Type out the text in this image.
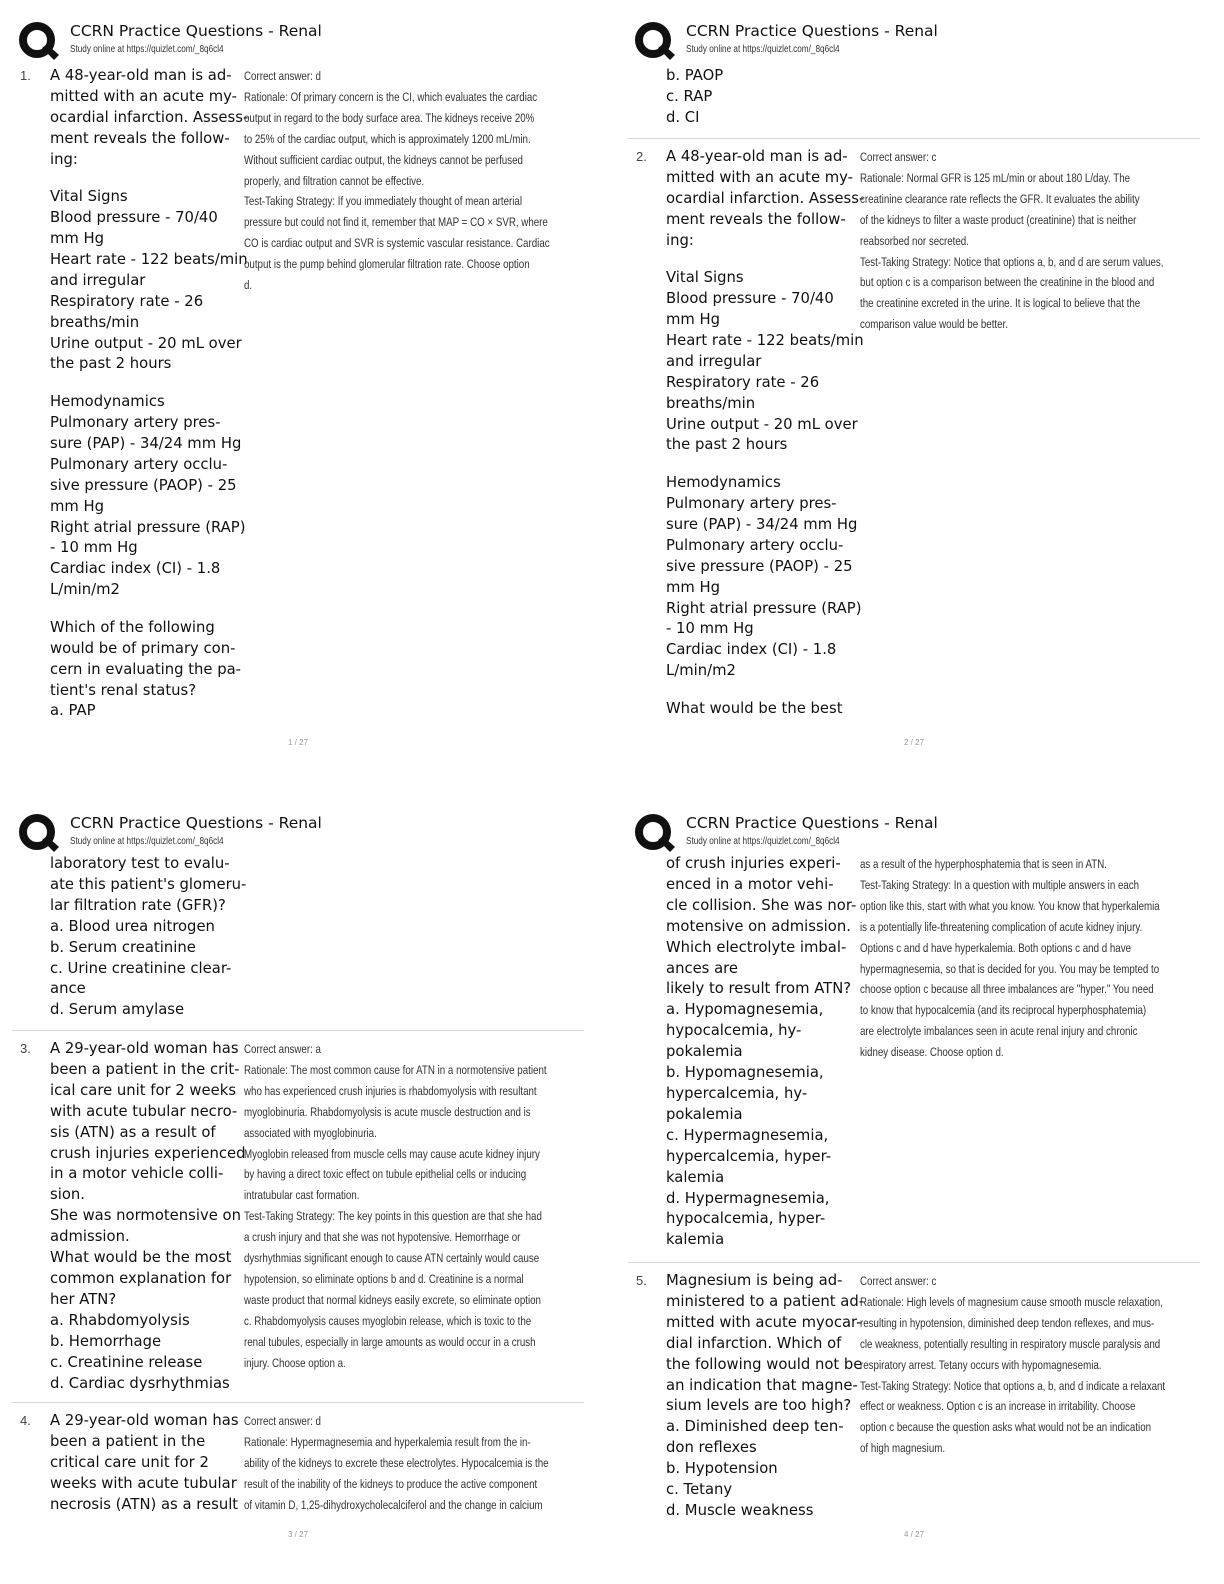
CCRN Practice Questions - Renal
Study online at https://quizlet.com/_8q6cl4
1. A 48-year-old man is ad-
mitted with an acute my-
ocardial infarction. Assess-
ment reveals the follow-
ing:
Vital Signs
Blood pressure - 70/40
mm Hg
Heart rate - 122 beats/min
and irregular
Respiratory rate - 26
breaths/min
Urine output - 20 mL over
the past 2 hours
Hemodynamics
Pulmonary artery pres-
sure (PAP) - 34/24 mm Hg
Pulmonary artery occlu-
sive pressure (PAOP) - 25
mm Hg
Right atrial pressure (RAP)
- 10 mm Hg
Cardiac index (CI) - 1.8
L/min/m2
Which of the following
would be of primary con-
cern in evaluating the pa-
tient's renal status?
a. PAP
Correct answer: d
Rationale: Of primary concern is the CI, which evaluates the cardiac
output in regard to the body surface area. The kidneys receive 20%
to 25% of the cardiac output, which is approximately 1200 mL/min.
Without sufficient cardiac output, the kidneys cannot be perfused
properly, and filtration cannot be effective.
Test-Taking Strategy: If you immediately thought of mean arterial
pressure but could not find it, remember that MAP = CO × SVR, where
CO is cardiac output and SVR is systemic vascular resistance. Cardiac
output is the pump behind glomerular filtration rate. Choose option
d.
1 / 27
CCRN Practice Questions - Renal
Study online at https://quizlet.com/_8q6cl4
b. PAOP
c. RAP
d. CI
2. A 48-year-old man is ad-
mitted with an acute my-
ocardial infarction. Assess-
ment reveals the follow-
ing:
Vital Signs
Blood pressure - 70/40
mm Hg
Heart rate - 122 beats/min
and irregular
Respiratory rate - 26
breaths/min
Urine output - 20 mL over
the past 2 hours
Hemodynamics
Pulmonary artery pres-
sure (PAP) - 34/24 mm Hg
Pulmonary artery occlu-
sive pressure (PAOP) - 25
mm Hg
Right atrial pressure (RAP)
- 10 mm Hg
Cardiac index (CI) - 1.8
L/min/m2
What would be the best
Correct answer: c
Rationale: Normal GFR is 125 mL/min or about 180 L/day. The
creatinine clearance rate reflects the GFR. It evaluates the ability
of the kidneys to filter a waste product (creatinine) that is neither
reabsorbed nor secreted.
Test-Taking Strategy: Notice that options a, b, and d are serum values,
but option c is a comparison between the creatinine in the blood and
the creatinine excreted in the urine. It is logical to believe that the
comparison value would be better.
2 / 27
CCRN Practice Questions - Renal
Study online at https://quizlet.com/_8q6cl4
laboratory test to evalu-
ate this patient's glomeru-
lar filtration rate (GFR)?
a. Blood urea nitrogen
b. Serum creatinine
c. Urine creatinine clear-
ance
d. Serum amylase
3. A 29-year-old woman has
been a patient in the crit-
ical care unit for 2 weeks
with acute tubular necro-
sis (ATN) as a result of
crush injuries experienced
in a motor vehicle colli-
sion.
She was normotensive on
admission.
What would be the most
common explanation for
her ATN?
a. Rhabdomyolysis
b. Hemorrhage
c. Creatinine release
d. Cardiac dysrhythmias
Correct answer: a
Rationale: The most common cause for ATN in a normotensive patient
who has experienced crush injuries is rhabdomyolysis with resultant
myoglobinuria. Rhabdomyolysis is acute muscle destruction and is
associated with myoglobinuria.
Myoglobin released from muscle cells may cause acute kidney injury
by having a direct toxic effect on tubule epithelial cells or inducing
intratubular cast formation.
Test-Taking Strategy: The key points in this question are that she had
a crush injury and that she was not hypotensive. Hemorrhage or
dysrhythmias significant enough to cause ATN certainly would cause
hypotension, so eliminate options b and d. Creatinine is a normal
waste product that normal kidneys easily excrete, so eliminate option
c. Rhabdomyolysis causes myoglobin release, which is toxic to the
renal tubules, especially in large amounts as would occur in a crush
injury. Choose option a.
4. A 29-year-old woman has
been a patient in the
critical care unit for 2
weeks with acute tubular
necrosis (ATN) as a result
Correct answer: d
Rationale: Hypermagnesemia and hyperkalemia result from the in-
ability of the kidneys to excrete these electrolytes. Hypocalcemia is the
result of the inability of the kidneys to produce the active component
of vitamin D, 1,25-dihydroxycholecalciferol and the change in calcium
3 / 27
CCRN Practice Questions - Renal
Study online at https://quizlet.com/_8q6cl4
of crush injuries experi-
enced in a motor vehi-
cle collision. She was nor-
motensive on admission.
Which electrolyte imbal-
ances are
likely to result from ATN?
a. Hypomagnesemia,
hypocalcemia, hy-
pokalemia
b. Hypomagnesemia,
hypercalcemia, hy-
pokalemia
c. Hypermagnesemia,
hypercalcemia, hyper-
kalemia
d. Hypermagnesemia,
hypocalcemia, hyper-
kalemia
as a result of the hyperphosphatemia that is seen in ATN.
Test-Taking Strategy: In a question with multiple answers in each
option like this, start with what you know. You know that hyperkalemia
is a potentially life-threatening complication of acute kidney injury.
Options c and d have hyperkalemia. Both options c and d have
hypermagnesemia, so that is decided for you. You may be tempted to
choose option c because all three imbalances are "hyper." You need
to know that hypocalcemia (and its reciprocal hyperphosphatemia)
are electrolyte imbalances seen in acute renal injury and chronic
kidney disease. Choose option d.
5. Magnesium is being ad-
ministered to a patient ad-
mitted with acute myocar-
dial infarction. Which of
the following would not be
an indication that magne-
sium levels are too high?
a. Diminished deep ten-
don reflexes
b. Hypotension
c. Tetany
d. Muscle weakness
Correct answer: c
Rationale: High levels of magnesium cause smooth muscle relaxation,
resulting in hypotension, diminished deep tendon reflexes, and mus-
cle weakness, potentially resulting in respiratory muscle paralysis and
respiratory arrest. Tetany occurs with hypomagnesemia.
Test-Taking Strategy: Notice that options a, b, and d indicate a relaxant
effect or weakness. Option c is an increase in irritability. Choose
option c because the question asks what would not be an indication
of high magnesium.
4 / 27
